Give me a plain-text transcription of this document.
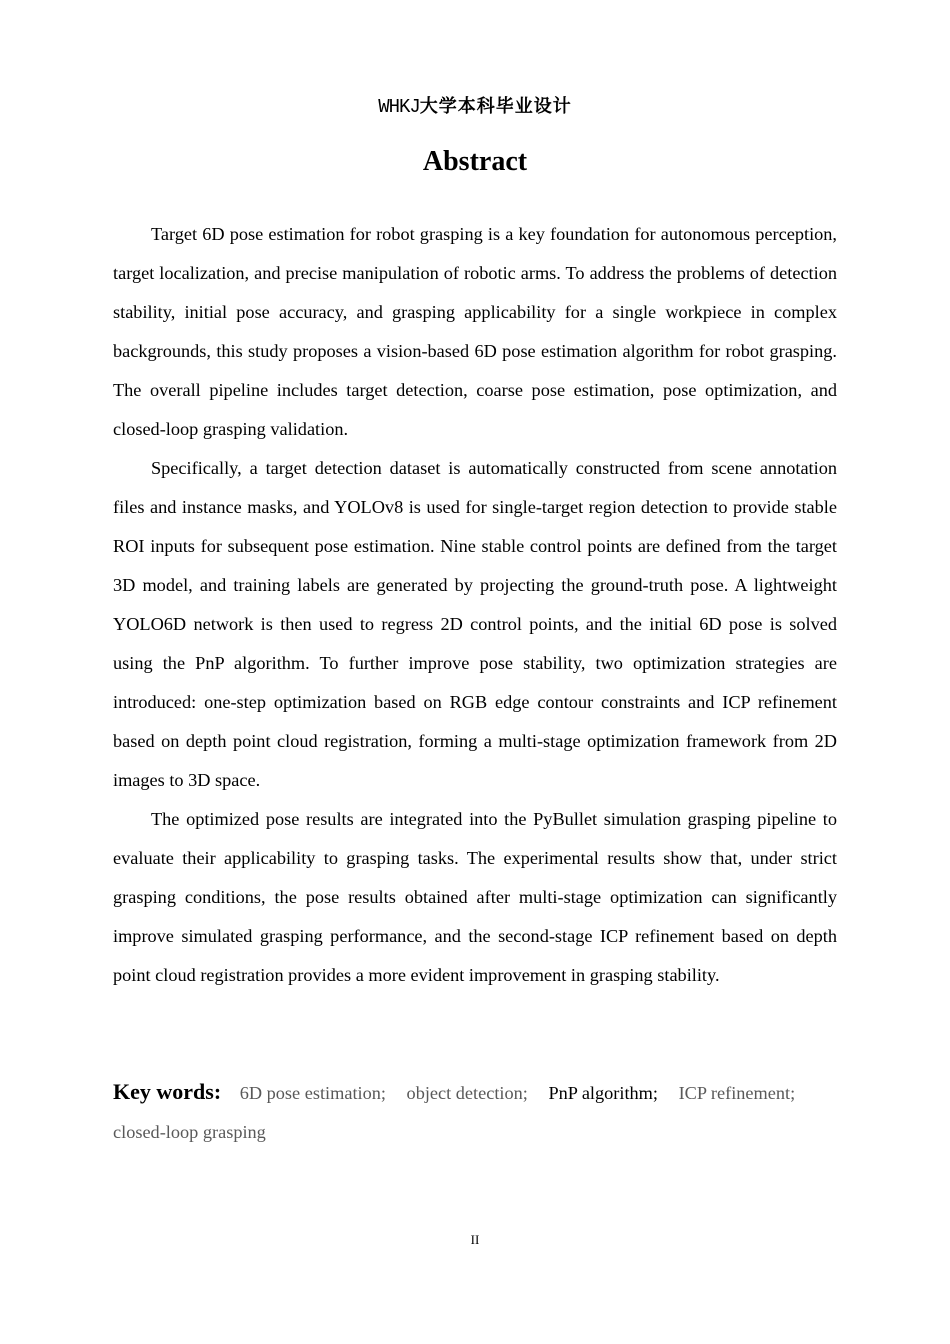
WHKJ大学本科毕业设计
Abstract

Target 6D pose estimation for robot grasping is a key foundation for autonomous perception, target localization, and precise manipulation of robotic arms. To address the problems of detection stability, initial pose accuracy, and grasping applicability for a single workpiece in complex backgrounds, this study proposes a vision-based 6D pose estimation algorithm for robot grasping. The overall pipeline includes target detection, coarse pose estimation, pose optimization, and closed-loop grasping validation.

Specifically, a target detection dataset is automatically constructed from scene annotation files and instance masks, and YOLOv8 is used for single-target region detection to provide stable ROI inputs for subsequent pose estimation. Nine stable control points are defined from the target 3D model, and training labels are generated by projecting the ground-truth pose. A lightweight YOLO6D network is then used to regress 2D control points, and the initial 6D pose is solved using the PnP algorithm. To further improve pose stability, two optimization strategies are introduced: one-step optimization based on RGB edge contour constraints and ICP refinement based on depth point cloud registration, forming a multi-stage optimization framework from 2D images to 3D space.

The optimized pose results are integrated into the PyBullet simulation grasping pipeline to evaluate their applicability to grasping tasks. The experimental results show that, under strict grasping conditions, the pose results obtained after multi-stage optimization can significantly improve simulated grasping performance, and the second-stage ICP refinement based on depth point cloud registration provides a more evident improvement in grasping stability.

Key words: 6D pose estimation; object detection; PnP algorithm; ICP refinement;
closed-loop grasping
II
